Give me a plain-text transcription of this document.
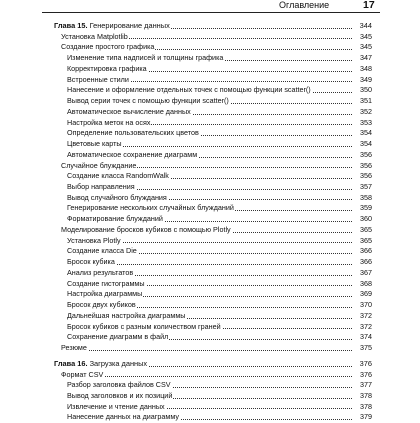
Оглавление	17
Глава 15. Генерирование данных	344
Установка Matplotlib	345
Создание простого графика	345
Изменение типа надписей и толщины графика	347
Корректировка графика	348
Встроенные стили	349
Нанесение и оформление отдельных точек с помощью функции scatter()	350
Вывод серии точек с помощью функции scatter()	351
Автоматическое вычисление данных	352
Настройка меток на осях	353
Определение пользовательских цветов	354
Цветовые карты	354
Автоматическое сохранение диаграмм	356
Случайное блуждание	356
Создание класса RandomWalk	356
Выбор направления	357
Вывод случайного блуждания	358
Генерирование нескольких случайных блужданий	359
Форматирование блужданий	360
Моделирование бросков кубиков с помощью Plotly	365
Установка Plotly	365
Создание класса Die	366
Бросок кубика	366
Анализ результатов	367
Создание гистограммы	368
Настройка диаграммы	369
Бросок двух кубиков	370
Дальнейшая настройка диаграммы	372
Бросок кубиков с разным количеством граней	372
Сохранение диаграмм в файл	374
Резюме	375
Глава 16. Загрузка данных	376
Формат CSV	376
Разбор заголовка файлов CSV	377
Вывод заголовков и их позиций	378
Извлечение и чтение данных	378
Нанесение данных на диаграмму	379
